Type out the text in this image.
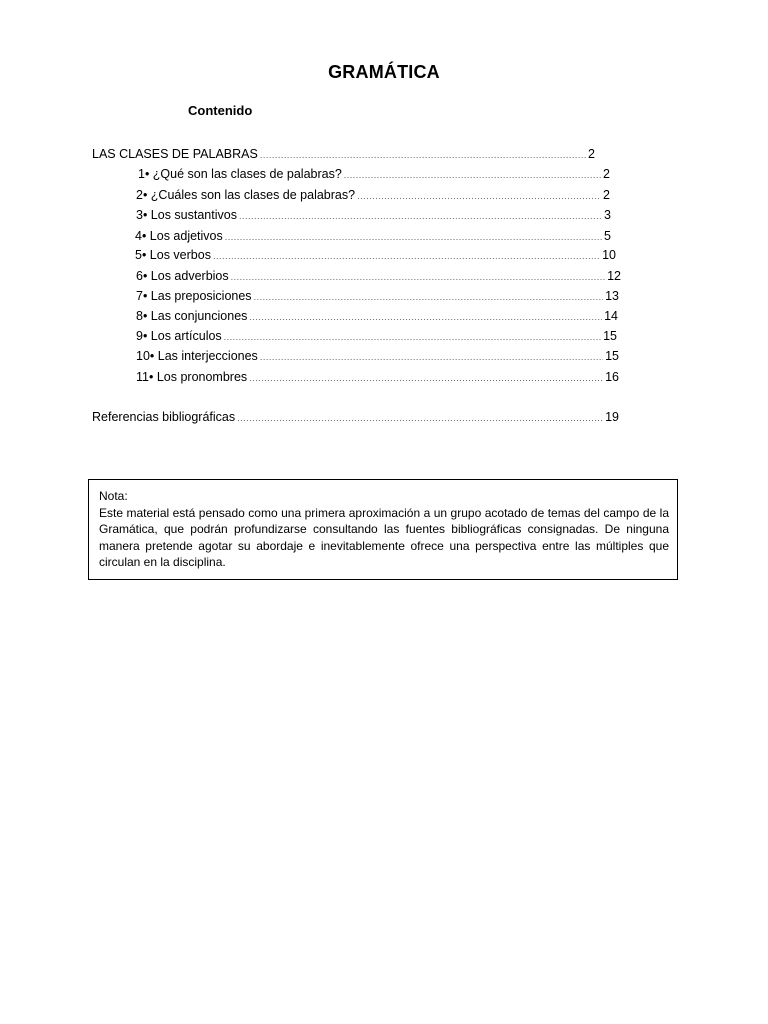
GRAMÁTICA
Contenido
LAS CLASES DE PALABRAS .....	2
1• ¿Qué son las clases de palabras? .....	2
2• ¿Cuáles son las clases de palabras? .....	2
3• Los sustantivos .....	3
4• Los adjetivos .....	5
5• Los verbos .....	10
6• Los adverbios .....	12
7• Las preposiciones .....	13
8• Las conjunciones .....	14
9• Los artículos .....	15
10• Las interjecciones .....	15
11• Los pronombres .....	16
Referencias bibliográficas .....	19
Nota:
Este material está pensado como una primera aproximación a un grupo acotado de temas del campo de la Gramática, que podrán profundizarse consultando las fuentes bibliográficas consignadas. De ninguna manera pretende agotar su abordaje e inevitablemente ofrece una perspectiva entre las múltiples que circulan en la disciplina.
